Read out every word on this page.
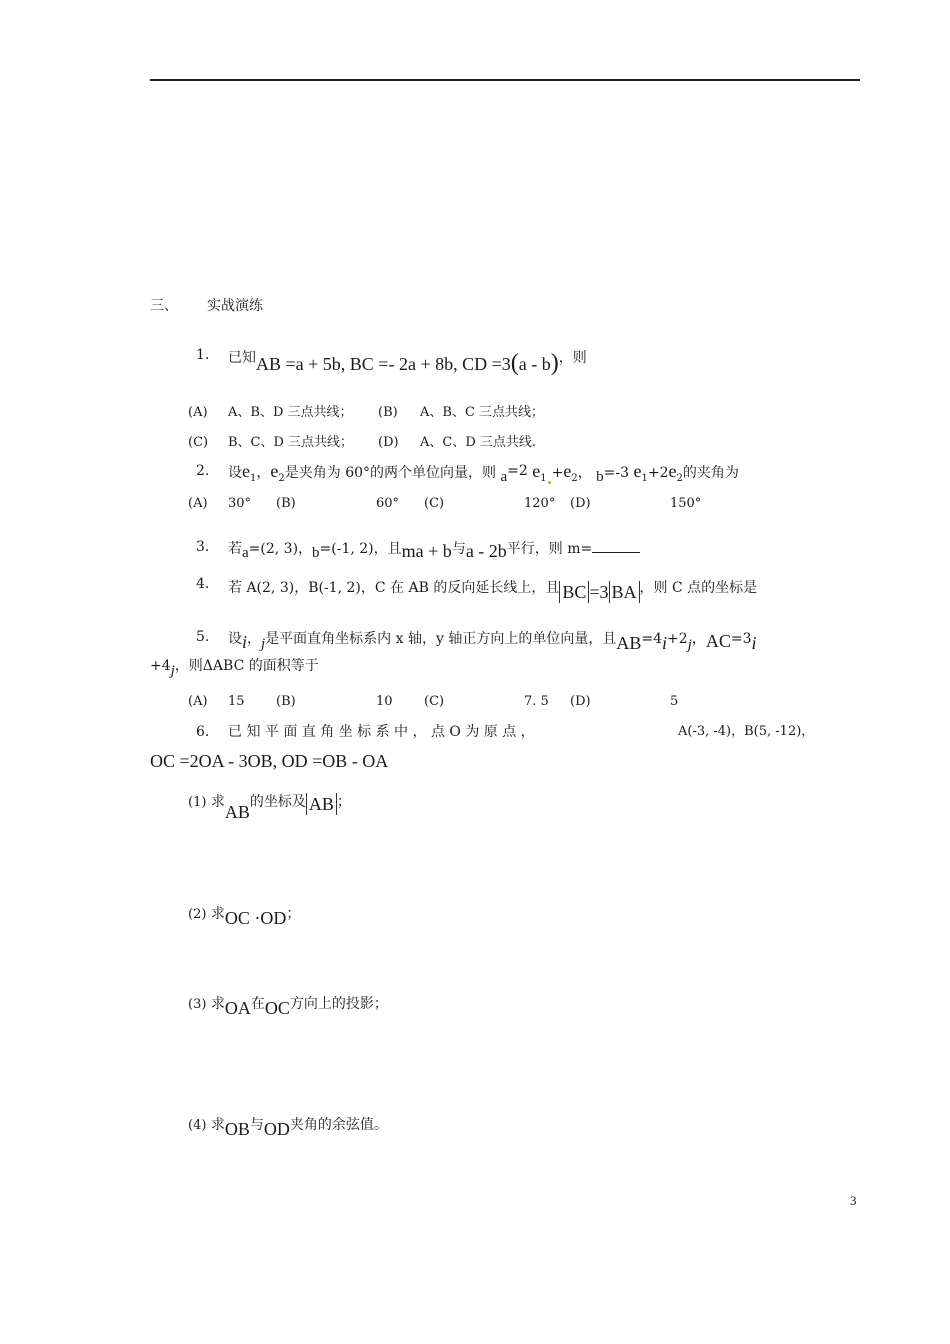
三、 实战演练
1. 已知AB =a + 5b, BC =- 2a + 8b, CD =3(a - b)，则
(A) A、B、D 三点共线； (B) A、B、C 三点共线；
(C) B、C、D 三点共线； (D) A、C、D 三点共线.
2. 设$e_1$，$e_2$是夹角为 60°的两个单位向量，则 a=2 $e_1 +e_2$， b=-3 $e_1+2e_2$的夹角为
(A) 30° (B)	60° (C)	120° (D)	150°
3. 若a=(2, 3)，b=(-1, 2)，且ma + b与a - 2b平行，则 m=
4. 若 A(2, 3)，B(-1, 2)，C 在 AB 的反向延长线上，且 BC =3 BA ，则 C 点的坐标是
5. 设i，j是平面直角坐标系内 x 轴，y 轴正方向上的单位向量，且AB=4i+2j，AC=3i
+4j，则ΔABC 的面积等于
(A) 15 (B)	10 (C)	7. 5 (D)	5
6. 已 知 平 面 直 角 坐 标 系 中 ， 点 O 为 原 点 ，	A(-3, -4)，B(5, -12)，
OC =2OA - 3OB, OD =OB - OA
(1) 求AB的坐标及 AB ；
(2) 求OC ·OD；
(3) 求OA在OC方向上的投影；
(4) 求OB与OD夹角的余弦值。
3
